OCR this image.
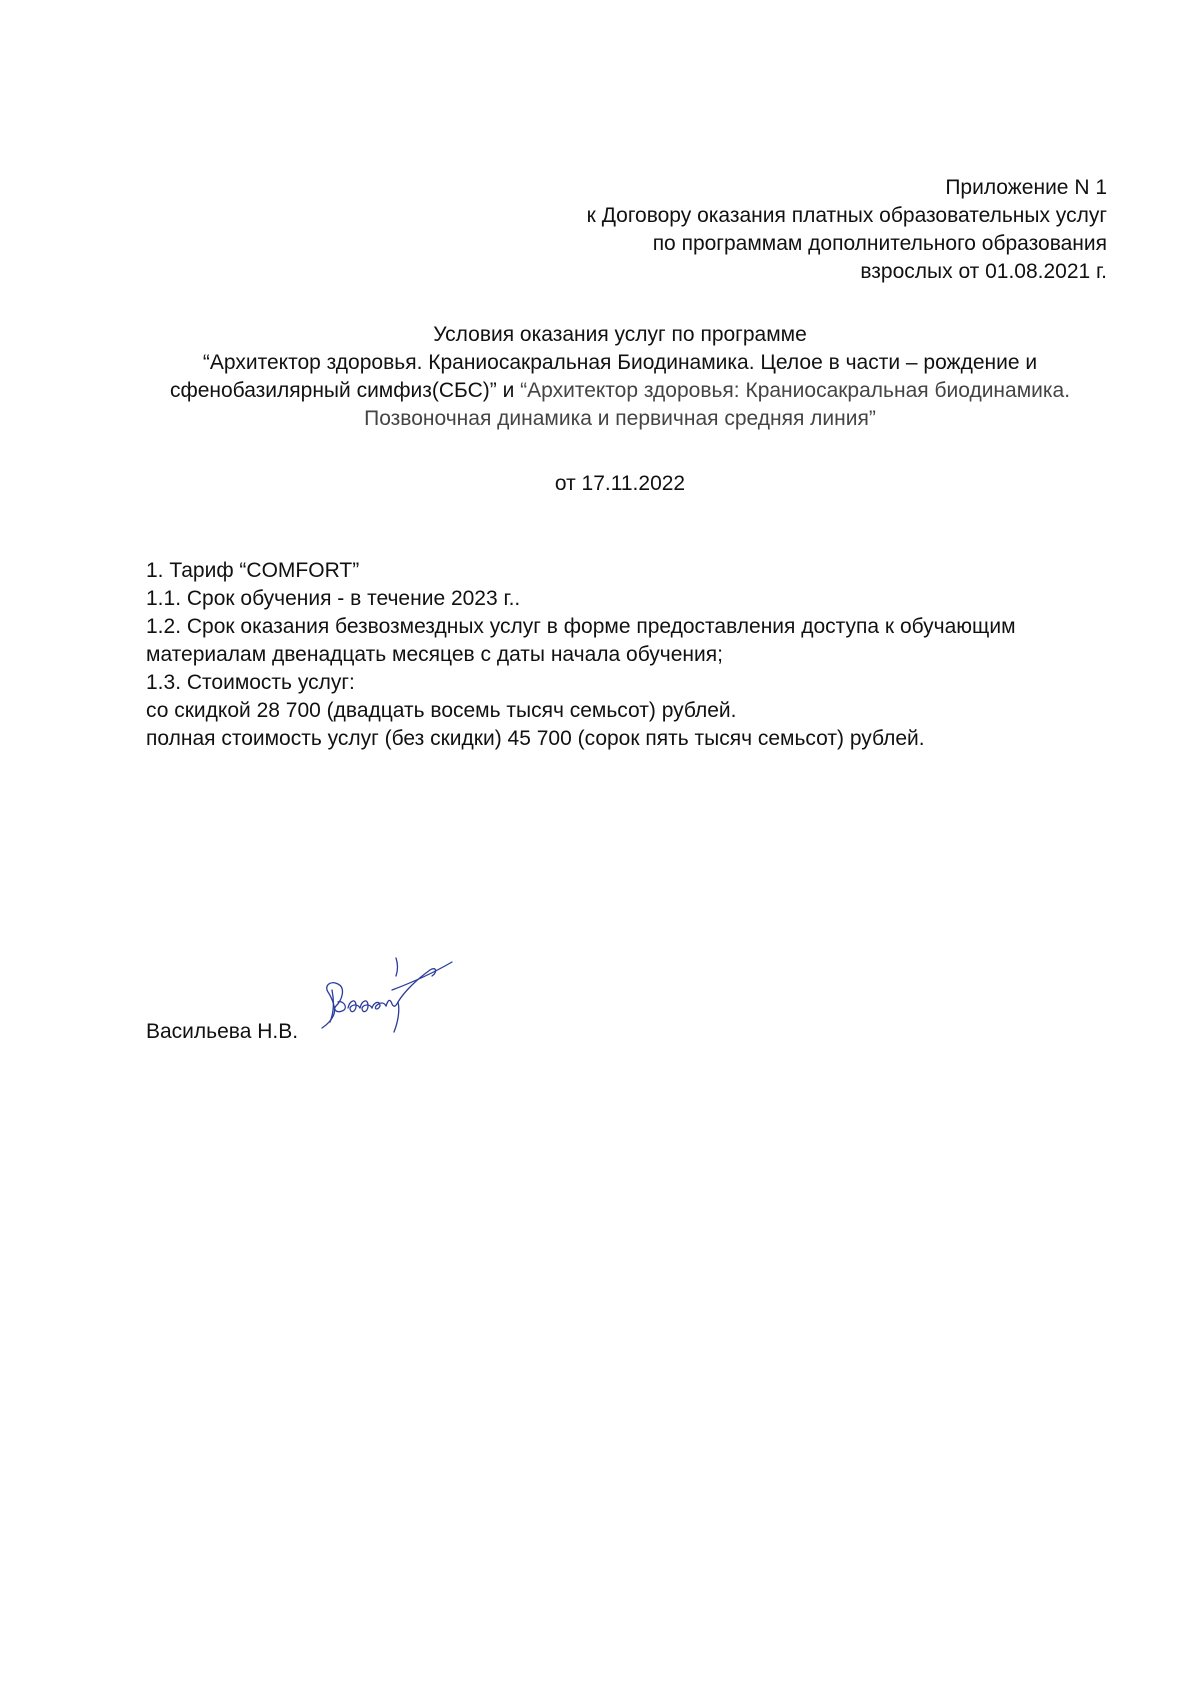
Приложение N 1
к Договору оказания платных образовательных услуг
по программам дополнительного образования
взрослых от 01.08.2021 г.
Условия оказания услуг по программе
“Архитектор здоровья. Краниосакральная Биодинамика. Целое в части – рождение и
сфенобазилярный симфиз(СБС)” и “Архитектор здоровья: Краниосакральная биодинамика.
Позвоночная динамика и первичная средняя линия”
от 17.11.2022
1. Тариф “COMFORT”
1.1. Срок обучения - в течение 2023 г..
1.2. Срок оказания безвозмездных услуг в форме предоставления доступа к обучающим материалам двенадцать месяцев с даты начала обучения;
1.3. Стоимость услуг:
со скидкой 28 700 (двадцать восемь тысяч семьсот) рублей.
полная стоимость услуг (без скидки) 45 700 (сорок пять тысяч семьсот) рублей.
Васильева Н.В.
